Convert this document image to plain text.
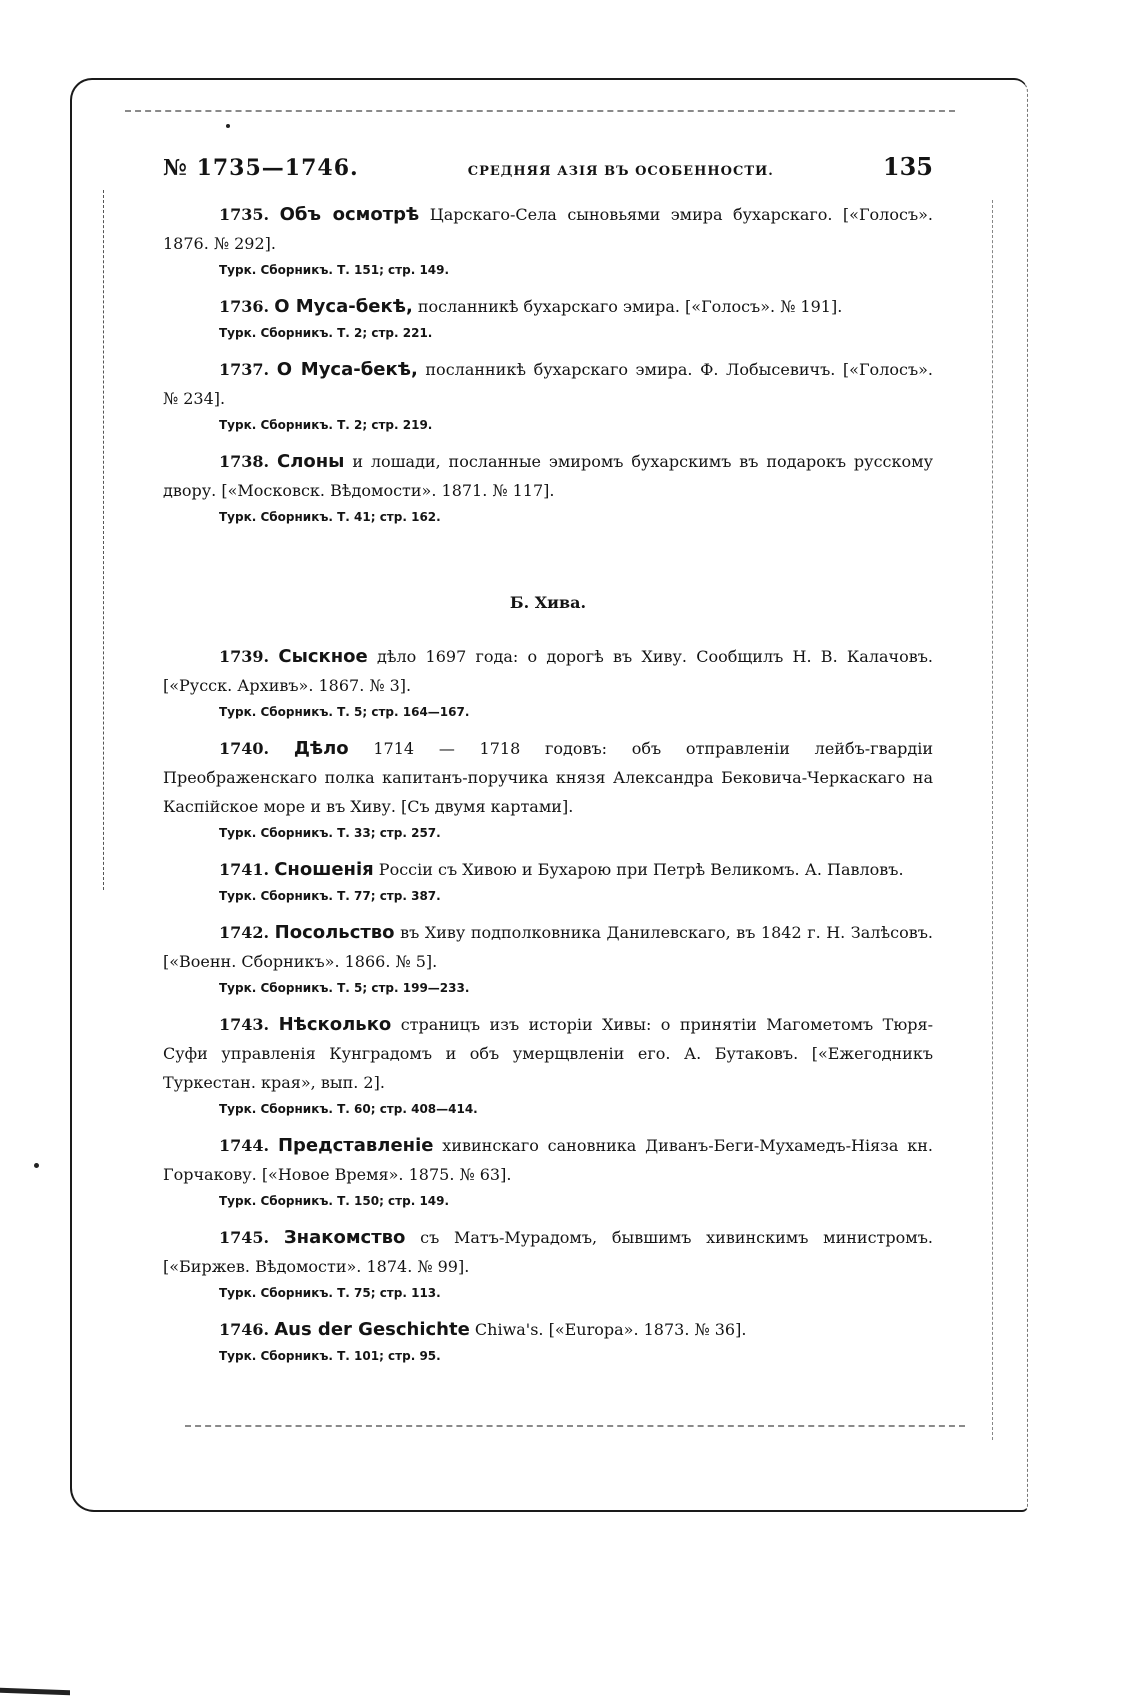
№ 1735—1746.	СРЕДНЯЯ АЗІЯ ВЪ ОСОБЕННОСТИ.	135

1735. Объ осмотрѣ Царскаго-Села сыновьями эмира бухарскаго. [«Голосъ». 1876. № 292].

Турк. Сборникъ. Т. 151; стр. 149.

1736. О Муса-бекѣ, посланникѣ бухарскаго эмира. [«Голосъ». № 191].

Турк. Сборникъ. Т. 2; стр. 221.

1737. О Муса-бекѣ, посланникѣ бухарскаго эмира. Ф. Лобысевичъ. [«Голосъ». № 234].

Турк. Сборникъ. Т. 2; стр. 219.

1738. Слоны и лошади, посланные эмиромъ бухарскимъ въ подарокъ русскому двору. [«Московск. Вѣдомости». 1871. № 117].

Турк. Сборникъ. Т. 41; стр. 162.
Б. Хива.

1739. Сыскное дѣло 1697 года: о дорогѣ въ Хиву. Сообщилъ Н. В. Калачовъ. [«Русск. Архивъ». 1867. № 3].

Турк. Сборникъ. Т. 5; стр. 164—167.

1740. Дѣло 1714 — 1718 годовъ: объ отправленіи лейбъ-гвардіи Преображенскаго полка капитанъ-поручика князя Александра Бековича-Черкаскаго на Каспійское море и въ Хиву. [Съ двумя картами].

Турк. Сборникъ. Т. 33; стр. 257.

1741. Сношенія Россіи съ Хивою и Бухарою при Петрѣ Великомъ. А. Павловъ.

Турк. Сборникъ. Т. 77; стр. 387.

1742. Посольство въ Хиву подполковника Данилевскаго, въ 1842 г. Н. Залѣсовъ. [«Военн. Сборникъ». 1866. № 5].

Турк. Сборникъ. Т. 5; стр. 199—233.

1743. Нѣсколько страницъ изъ исторіи Хивы: о принятіи Магометомъ Тюря-Суфи управленія Кунградомъ и объ умерщвленіи его. А. Бутаковъ. [«Ежегодникъ Туркестан. края», вып. 2].

Турк. Сборникъ. Т. 60; стр. 408—414.

1744. Представленіе хивинскаго сановника Диванъ-Беги-Мухамедъ-Ніяза кн. Горчакову. [«Новое Время». 1875. № 63].

Турк. Сборникъ. Т. 150; стр. 149.

1745. Знакомство съ Матъ-Мурадомъ, бывшимъ хивинскимъ министромъ. [«Биржев. Вѣдомости». 1874. № 99].

Турк. Сборникъ. Т. 75; стр. 113.

1746. Aus der Geschichte Chiwa's. [«Europa». 1873. № 36].

Турк. Сборникъ. Т. 101; стр. 95.
